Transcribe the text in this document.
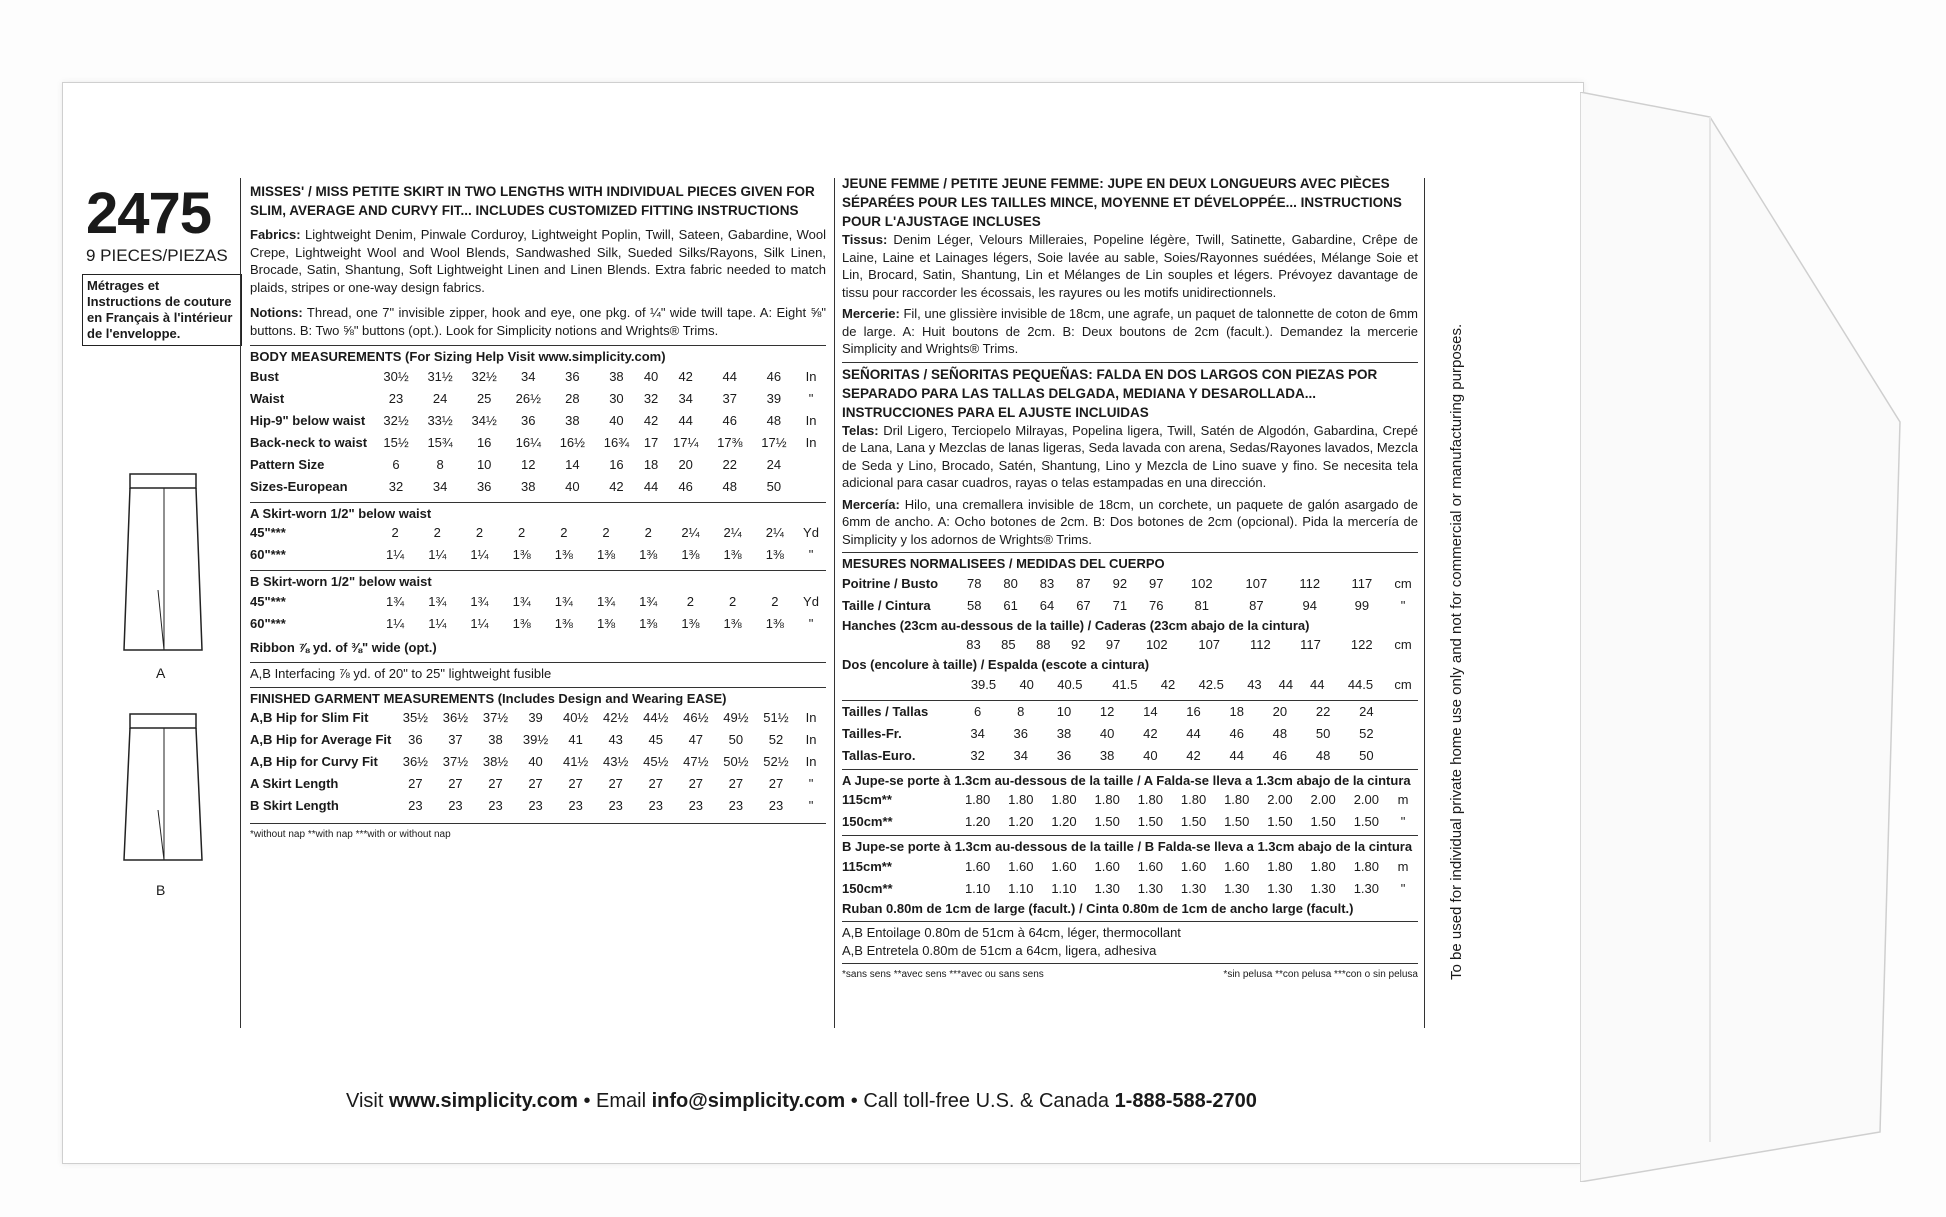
2475
9 PIECES/PIEZAS
Métrages et Instructions de couture en Français à l'intérieur de l'enveloppe.
A
B

MISSES' / MISS PETITE SKIRT IN TWO LENGTHS WITH INDIVIDUAL PIECES GIVEN FOR SLIM, AVERAGE AND CURVY FIT... INCLUDES CUSTOMIZED FITTING INSTRUCTIONS

Fabrics: Lightweight Denim, Pinwale Corduroy, Lightweight Poplin, Twill, Sateen, Gabardine, Wool Crepe, Lightweight Wool and Wool Blends, Sandwashed Silk, Sueded Silks/Rayons, Silk Linen, Brocade, Satin, Shantung, Soft Lightweight Linen and Linen Blends. Extra fabric needed to match plaids, stripes or one-way design fabrics.

Notions: Thread, one 7" invisible zipper, hook and eye, one pkg. of ¼" wide twill tape. A: Eight ⅝" buttons. B: Two ⅝" buttons (opt.). Look for Simplicity notions and Wrights® Trims.

BODY MEASUREMENTS (For Sizing Help Visit www.simplicity.com)

Bust	30½	31½	32½	34	36	38	40	42	44	46	In
Waist	23	24	25	26½	28	30	32	34	37	39	"
Hip-9" below waist	32½	33½	34½	36	38	40	42	44	46	48	In
Back-neck to waist	15½	15¾	16	16¼	16½	16¾	17	17¼	17⅜	17½	In
Pattern Size	6	8	10	12	14	16	18	20	22	24	
Sizes-European	32	34	36	38	40	42	44	46	48	50	

A Skirt-worn 1/2" below waist

45"***	2	2	2	2	2	2	2	2¼	2¼	2¼	Yd
60"***	1¼	1¼	1¼	1⅜	1⅜	1⅜	1⅜	1⅜	1⅜	1⅜	"

B Skirt-worn 1/2" below waist

45"***	1¾	1¾	1¾	1¾	1¾	1¾	1¾	2	2	2	Yd
60"***	1¼	1¼	1¼	1⅜	1⅜	1⅜	1⅜	1⅜	1⅜	1⅜	"

Ribbon ⅞ yd. of ⅜" wide (opt.)

A,B Interfacing ⅞ yd. of 20" to 25" lightweight fusible

FINISHED GARMENT MEASUREMENTS (Includes Design and Wearing EASE)

A,B Hip for Slim Fit	35½	36½	37½	39	40½	42½	44½	46½	49½	51½	In
A,B Hip for Average Fit	36	37	38	39½	41	43	45	47	50	52	In
A,B Hip for Curvy Fit	36½	37½	38½	40	41½	43½	45½	47½	50½	52½	In
A Skirt Length	27	27	27	27	27	27	27	27	27	27	"
B Skirt Length	23	23	23	23	23	23	23	23	23	23	"

*without nap **with nap ***with or without nap

JEUNE FEMME / PETITE JEUNE FEMME: JUPE EN DEUX LONGUEURS AVEC PIÈCES SÉPARÉES POUR LES TAILLES MINCE, MOYENNE ET DÉVELOPPÉE... INSTRUCTIONS POUR L'AJUSTAGE INCLUSES

Tissus: Denim Léger, Velours Milleraies, Popeline légère, Twill, Satinette, Gabardine, Crêpe de Laine, Laine et Lainages légers, Soie lavée au sable, Soies/Rayonnes suédées, Mélange Soie et Lin, Brocard, Satin, Shantung, Lin et Mélanges de Lin souples et légers. Prévoyez davantage de tissu pour raccorder les écossais, les rayures ou les motifs unidirectionnels.

Mercerie: Fil, une glissière invisible de 18cm, une agrafe, un paquet de talonnette de coton de 6mm de large. A: Huit boutons de 2cm. B: Deux boutons de 2cm (facult.). Demandez la mercerie Simplicity and Wrights® Trims.

SEÑORITAS / SEÑORITAS PEQUEÑAS: FALDA EN DOS LARGOS CON PIEZAS POR SEPARADO PARA LAS TALLAS DELGADA, MEDIANA Y DESAROLLADA... INSTRUCCIONES PARA EL AJUSTE INCLUIDAS

Telas: Dril Ligero, Terciopelo Milrayas, Popelina ligera, Twill, Satén de Algodón, Gabardina, Crepé de Lana, Lana y Mezclas de lanas ligeras, Seda lavada con arena, Sedas/Rayones lavados, Mezcla de Seda y Lino, Brocado, Satén, Shantung, Lino y Mezcla de Lino suave y fino. Se necesita tela adicional para casar cuadros, rayas o telas estampadas en una dirección.

Mercería: Hilo, una cremallera invisible de 18cm, un corchete, un paquete de galón asargado de 6mm de ancho. A: Ocho botones de 2cm. B: Dos botones de 2cm (opcional). Pida la mercería de Simplicity y los adornos de Wrights® Trims.

MESURES NORMALISEES / MEDIDAS DEL CUERPO

Poitrine / Busto	78	80	83	87	92	97	102	107	112	117	cm
Taille / Cintura	58	61	64	67	71	76	81	87	94	99	"

Hanches (23cm au-dessous de la taille) / Caderas (23cm abajo de la cintura)

	83	85	88	92	97	102	107	112	117	122	cm

Dos (encolure à taille) / Espalda (escote a cintura)

	39.5	40	40.5	41.5	42	42.5	43	44	44	44.5	cm
Tailles / Tallas	6	8	10	12	14	16	18	20	22	24	
Tailles-Fr.	34	36	38	40	42	44	46	48	50	52	
Tallas-Euro.	32	34	36	38	40	42	44	46	48	50	

A Jupe-se porte à 1.3cm au-dessous de la taille / A Falda-se lleva a 1.3cm abajo de la cintura

115cm**	1.80	1.80	1.80	1.80	1.80	1.80	1.80	2.00	2.00	2.00	m
150cm**	1.20	1.20	1.20	1.50	1.50	1.50	1.50	1.50	1.50	1.50	"

B Jupe-se porte à 1.3cm au-dessous de la taille / B Falda-se lleva a 1.3cm abajo de la cintura

115cm**	1.60	1.60	1.60	1.60	1.60	1.60	1.60	1.80	1.80	1.80	m
150cm**	1.10	1.10	1.10	1.30	1.30	1.30	1.30	1.30	1.30	1.30	"

Ruban 0.80m de 1cm de large (facult.) / Cinta 0.80m de 1cm de ancho large (facult.)

A,B Entoilage 0.80m de 51cm à 64cm, léger, thermocollant

A,B Entretela 0.80m de 51cm a 64cm, ligera, adhesiva

*sans sens **avec sens ***avec ou sans sens	*sin pelusa **con pelusa ***con o sin pelusa To be used for individual private home use only and not for commercial or manufacturing purposes.
Visit www.simplicity.com • Email info@simplicity.com • Call toll-free U.S. & Canada 1-888-588-2700
